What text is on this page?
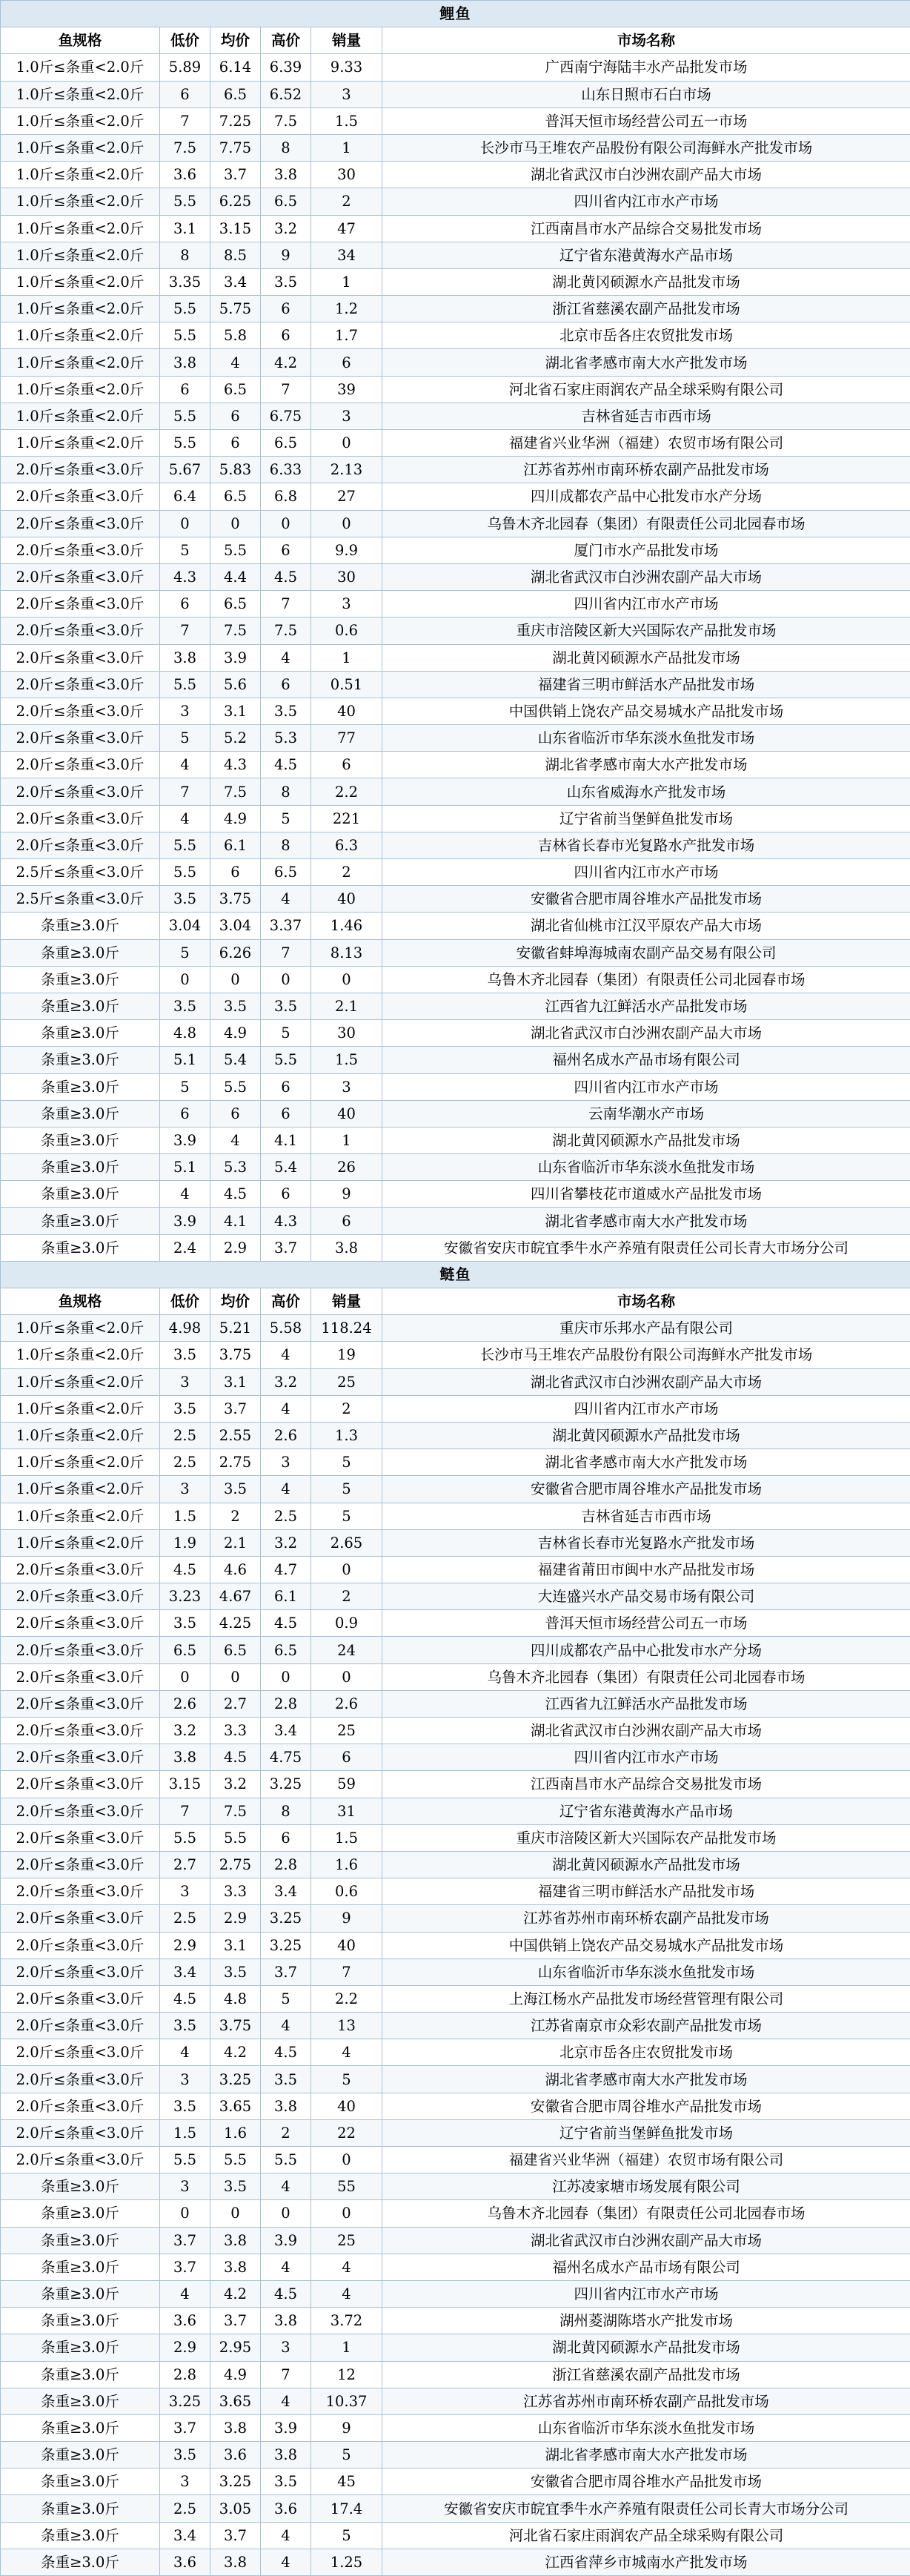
鲤鱼					
鱼规格	低价	均价	高价	销量	市场名称
1.0斤≤条重<2.0斤	5.89	6.14	6.39	9.33	广西南宁海陆丰水产品批发市场
1.0斤≤条重<2.0斤	6	6.5	6.52	3	山东日照市石白市场
1.0斤≤条重<2.0斤	7	7.25	7.5	1.5	普洱天恒市场经营公司五一市场
1.0斤≤条重<2.0斤	7.5	7.75	8	1	长沙市马王堆农产品股份有限公司海鲜水产批发市场
1.0斤≤条重<2.0斤	3.6	3.7	3.8	30	湖北省武汉市白沙洲农副产品大市场
1.0斤≤条重<2.0斤	5.5	6.25	6.5	2	四川省内江市水产市场
1.0斤≤条重<2.0斤	3.1	3.15	3.2	47	江西南昌市水产品综合交易批发市场
1.0斤≤条重<2.0斤	8	8.5	9	34	辽宁省东港黄海水产品市场
1.0斤≤条重<2.0斤	3.35	3.4	3.5	1	湖北黄冈硕源水产品批发市场
1.0斤≤条重<2.0斤	5.5	5.75	6	1.2	浙江省慈溪农副产品批发市场
1.0斤≤条重<2.0斤	5.5	5.8	6	1.7	北京市岳各庄农贸批发市场
1.0斤≤条重<2.0斤	3.8	4	4.2	6	湖北省孝感市南大水产批发市场
1.0斤≤条重<2.0斤	6	6.5	7	39	河北省石家庄雨润农产品全球采购有限公司
1.0斤≤条重<2.0斤	5.5	6	6.75	3	吉林省延吉市西市场
1.0斤≤条重<2.0斤	5.5	6	6.5	0	福建省兴业华洲（福建）农贸市场有限公司
2.0斤≤条重<3.0斤	5.67	5.83	6.33	2.13	江苏省苏州市南环桥农副产品批发市场
2.0斤≤条重<3.0斤	6.4	6.5	6.8	27	四川成都农产品中心批发市水产分场
2.0斤≤条重<3.0斤	0	0	0	0	乌鲁木齐北园春（集团）有限责任公司北园春市场
2.0斤≤条重<3.0斤	5	5.5	6	9.9	厦门市水产品批发市场
2.0斤≤条重<3.0斤	4.3	4.4	4.5	30	湖北省武汉市白沙洲农副产品大市场
2.0斤≤条重<3.0斤	6	6.5	7	3	四川省内江市水产市场
2.0斤≤条重<3.0斤	7	7.5	7.5	0.6	重庆市涪陵区新大兴国际农产品批发市场
2.0斤≤条重<3.0斤	3.8	3.9	4	1	湖北黄冈硕源水产品批发市场
2.0斤≤条重<3.0斤	5.5	5.6	6	0.51	福建省三明市鲜活水产品批发市场
2.0斤≤条重<3.0斤	3	3.1	3.5	40	中国供销上饶农产品交易城水产品批发市场
2.0斤≤条重<3.0斤	5	5.2	5.3	77	山东省临沂市华东淡水鱼批发市场
2.0斤≤条重<3.0斤	4	4.3	4.5	6	湖北省孝感市南大水产批发市场
2.0斤≤条重<3.0斤	7	7.5	8	2.2	山东省威海水产批发市场
2.0斤≤条重<3.0斤	4	4.9	5	221	辽宁省前当堡鲜鱼批发市场
2.0斤≤条重<3.0斤	5.5	6.1	8	6.3	吉林省长春市光复路水产批发市场
2.5斤≤条重<3.0斤	5.5	6	6.5	2	四川省内江市水产市场
2.5斤≤条重<3.0斤	3.5	3.75	4	40	安徽省合肥市周谷堆水产品批发市场
条重≥3.0斤	3.04	3.04	3.37	1.46	湖北省仙桃市江汉平原农产品大市场
条重≥3.0斤	5	6.26	7	8.13	安徽省蚌埠海城南农副产品交易有限公司
条重≥3.0斤	0	0	0	0	乌鲁木齐北园春（集团）有限责任公司北园春市场
条重≥3.0斤	3.5	3.5	3.5	2.1	江西省九江鲜活水产品批发市场
条重≥3.0斤	4.8	4.9	5	30	湖北省武汉市白沙洲农副产品大市场
条重≥3.0斤	5.1	5.4	5.5	1.5	福州名成水产品市场有限公司
条重≥3.0斤	5	5.5	6	3	四川省内江市水产市场
条重≥3.0斤	6	6	6	40	云南华潮水产市场
条重≥3.0斤	3.9	4	4.1	1	湖北黄冈硕源水产品批发市场
条重≥3.0斤	5.1	5.3	5.4	26	山东省临沂市华东淡水鱼批发市场
条重≥3.0斤	4	4.5	6	9	四川省攀枝花市道威水产品批发市场
条重≥3.0斤	3.9	4.1	4.3	6	湖北省孝感市南大水产批发市场
条重≥3.0斤	2.4	2.9	3.7	3.8	安徽省安庆市皖宜季牛水产养殖有限责任公司长青大市场分公司
鲢鱼					
鱼规格	低价	均价	高价	销量	市场名称
1.0斤≤条重<2.0斤	4.98	5.21	5.58	118.24	重庆市乐邦水产品有限公司
1.0斤≤条重<2.0斤	3.5	3.75	4	19	长沙市马王堆农产品股份有限公司海鲜水产批发市场
1.0斤≤条重<2.0斤	3	3.1	3.2	25	湖北省武汉市白沙洲农副产品大市场
1.0斤≤条重<2.0斤	3.5	3.7	4	2	四川省内江市水产市场
1.0斤≤条重<2.0斤	2.5	2.55	2.6	1.3	湖北黄冈硕源水产品批发市场
1.0斤≤条重<2.0斤	2.5	2.75	3	5	湖北省孝感市南大水产批发市场
1.0斤≤条重<2.0斤	3	3.5	4	5	安徽省合肥市周谷堆水产品批发市场
1.0斤≤条重<2.0斤	1.5	2	2.5	5	吉林省延吉市西市场
1.0斤≤条重<2.0斤	1.9	2.1	3.2	2.65	吉林省长春市光复路水产批发市场
2.0斤≤条重<3.0斤	4.5	4.6	4.7	0	福建省莆田市闽中水产品批发市场
2.0斤≤条重<3.0斤	3.23	4.67	6.1	2	大连盛兴水产品交易市场有限公司
2.0斤≤条重<3.0斤	3.5	4.25	4.5	0.9	普洱天恒市场经营公司五一市场
2.0斤≤条重<3.0斤	6.5	6.5	6.5	24	四川成都农产品中心批发市水产分场
2.0斤≤条重<3.0斤	0	0	0	0	乌鲁木齐北园春（集团）有限责任公司北园春市场
2.0斤≤条重<3.0斤	2.6	2.7	2.8	2.6	江西省九江鲜活水产品批发市场
2.0斤≤条重<3.0斤	3.2	3.3	3.4	25	湖北省武汉市白沙洲农副产品大市场
2.0斤≤条重<3.0斤	3.8	4.5	4.75	6	四川省内江市水产市场
2.0斤≤条重<3.0斤	3.15	3.2	3.25	59	江西南昌市水产品综合交易批发市场
2.0斤≤条重<3.0斤	7	7.5	8	31	辽宁省东港黄海水产品市场
2.0斤≤条重<3.0斤	5.5	5.5	6	1.5	重庆市涪陵区新大兴国际农产品批发市场
2.0斤≤条重<3.0斤	2.7	2.75	2.8	1.6	湖北黄冈硕源水产品批发市场
2.0斤≤条重<3.0斤	3	3.3	3.4	0.6	福建省三明市鲜活水产品批发市场
2.0斤≤条重<3.0斤	2.5	2.9	3.25	9	江苏省苏州市南环桥农副产品批发市场
2.0斤≤条重<3.0斤	2.9	3.1	3.25	40	中国供销上饶农产品交易城水产品批发市场
2.0斤≤条重<3.0斤	3.4	3.5	3.7	7	山东省临沂市华东淡水鱼批发市场
2.0斤≤条重<3.0斤	4.5	4.8	5	2.2	上海江杨水产品批发市场经营管理有限公司
2.0斤≤条重<3.0斤	3.5	3.75	4	13	江苏省南京市众彩农副产品批发市场
2.0斤≤条重<3.0斤	4	4.2	4.5	4	北京市岳各庄农贸批发市场
2.0斤≤条重<3.0斤	3	3.25	3.5	5	湖北省孝感市南大水产批发市场
2.0斤≤条重<3.0斤	3.5	3.65	3.8	40	安徽省合肥市周谷堆水产品批发市场
2.0斤≤条重<3.0斤	1.5	1.6	2	22	辽宁省前当堡鲜鱼批发市场
2.0斤≤条重<3.0斤	5.5	5.5	5.5	0	福建省兴业华洲（福建）农贸市场有限公司
条重≥3.0斤	3	3.5	4	55	江苏凌家塘市场发展有限公司
条重≥3.0斤	0	0	0	0	乌鲁木齐北园春（集团）有限责任公司北园春市场
条重≥3.0斤	3.7	3.8	3.9	25	湖北省武汉市白沙洲农副产品大市场
条重≥3.0斤	3.7	3.8	4	4	福州名成水产品市场有限公司
条重≥3.0斤	4	4.2	4.5	4	四川省内江市水产市场
条重≥3.0斤	3.6	3.7	3.8	3.72	湖州菱湖陈塔水产批发市场
条重≥3.0斤	2.9	2.95	3	1	湖北黄冈硕源水产品批发市场
条重≥3.0斤	2.8	4.9	7	12	浙江省慈溪农副产品批发市场
条重≥3.0斤	3.25	3.65	4	10.37	江苏省苏州市南环桥农副产品批发市场
条重≥3.0斤	3.7	3.8	3.9	9	山东省临沂市华东淡水鱼批发市场
条重≥3.0斤	3.5	3.6	3.8	5	湖北省孝感市南大水产批发市场
条重≥3.0斤	3	3.25	3.5	45	安徽省合肥市周谷堆水产品批发市场
条重≥3.0斤	2.5	3.05	3.6	17.4	安徽省安庆市皖宜季牛水产养殖有限责任公司长青大市场分公司
条重≥3.0斤	3.4	3.7	4	5	河北省石家庄雨润农产品全球采购有限公司
条重≥3.0斤	3.6	3.8	4	1.25	江西省萍乡市城南水产批发市场
